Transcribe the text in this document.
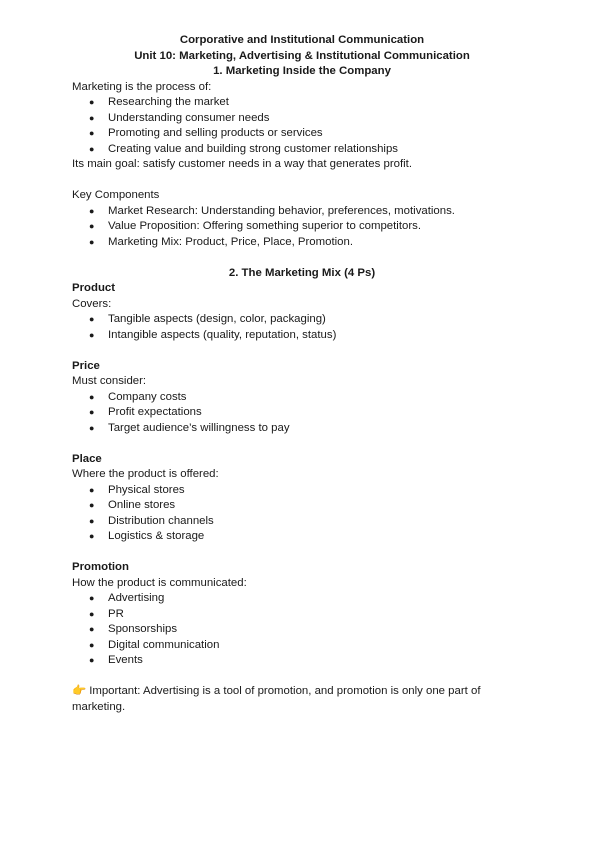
Corporative and Institutional Communication
Unit 10: Marketing, Advertising & Institutional Communication
1. Marketing Inside the Company
Marketing is the process of:
● Researching the market
● Understanding consumer needs
● Promoting and selling products or services
● Creating value and building strong customer relationships
Its main goal: satisfy customer needs in a way that generates profit.
Key Components
● Market Research: Understanding behavior, preferences, motivations.
● Value Proposition: Offering something superior to competitors.
● Marketing Mix: Product, Price, Place, Promotion.
2. The Marketing Mix (4 Ps)
Product
Covers:
● Tangible aspects (design, color, packaging)
● Intangible aspects (quality, reputation, status)
Price
Must consider:
● Company costs
● Profit expectations
● Target audience’s willingness to pay
Place
Where the product is offered:
● Physical stores
● Online stores
● Distribution channels
● Logistics & storage
Promotion
How the product is communicated:
● Advertising
● PR
● Sponsorships
● Digital communication
● Events
👉 Important: Advertising is a tool of promotion, and promotion is only one part of marketing.
